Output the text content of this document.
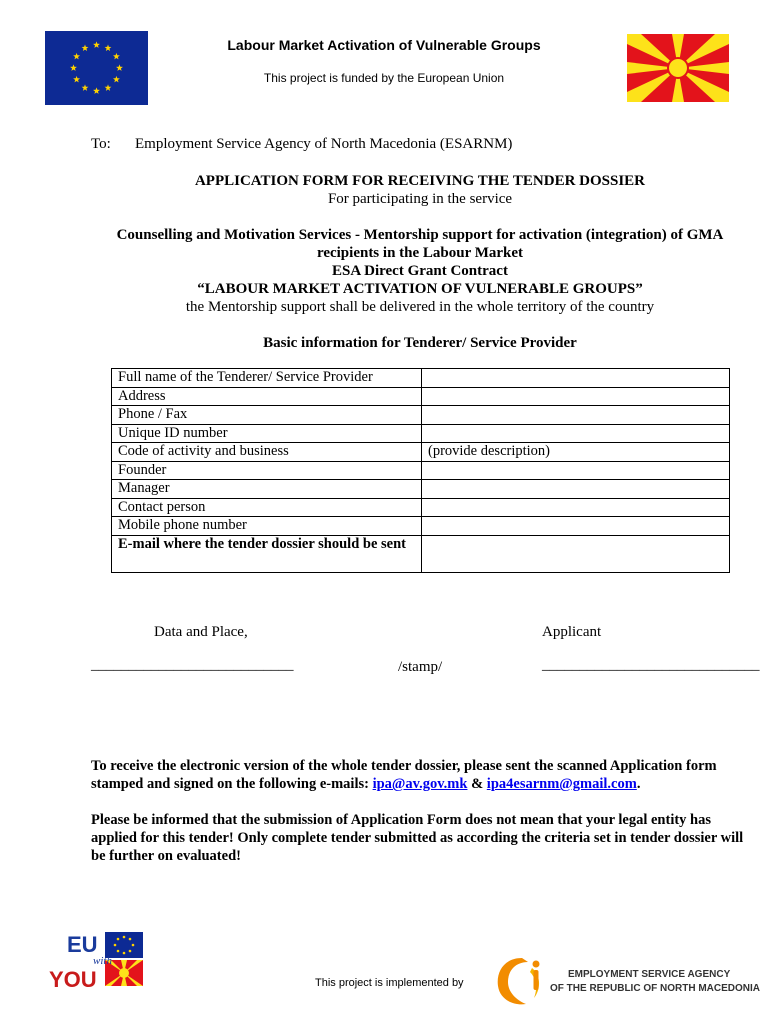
Labour Market Activation of Vulnerable Groups
This project is funded by the European Union
To: Employment Service Agency of North Macedonia (ESARNM)
APPLICATION FORM FOR RECEIVING THE TENDER DOSSIER
For participating in the service
Counselling and Motivation Services - Mentorship support for activation (integration) of GMA
recipients in the Labour Market
ESA Direct Grant Contract
“LABOUR MARKET ACTIVATION OF VULNERABLE GROUPS”
the Mentorship support shall be delivered in the whole territory of the country
Basic information for Tenderer/ Service Provider
Full name of the Tenderer/ Service Provider	
Address	
Phone / Fax	
Unique ID number	
Code of activity and business	(provide description)
Founder	
Manager	
Contact person	
Mobile phone number	
E-mail where the tender dossier should be sent	
Data and Place,	Applicant
___________________________	/stamp/	_____________________________
To receive the electronic version of the whole tender dossier, please sent the scanned Application form stamped and signed on the following e-mails: ipa@av.gov.mk & ipa4esarnm@gmail.com.
Please be informed that the submission of Application Form does not mean that your legal entity has applied for this tender! Only complete tender submitted as according the criteria set in tender dossier will be further on evaluated!
EU
with
YOU	This project is implemented by
EMPLOYMENT SERVICE AGENCY
OF THE REPUBLIC OF NORTH MACEDONIA
